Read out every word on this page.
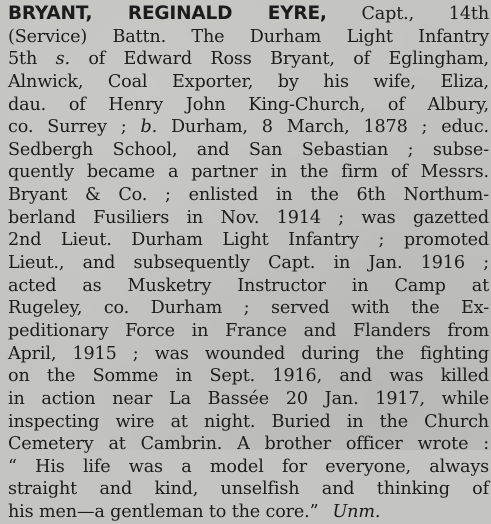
BRYANT, REGINALD EYRE, Capt., 14th
(Service) Battn. The Durham Light Infantry
5th s. of Edward Ross Bryant, of Eglingham,
Alnwick, Coal Exporter, by his wife, Eliza,
dau. of Henry John King-Church, of Albury,
co. Surrey ; b. Durham, 8 March, 1878 ; educ.
Sedbergh School, and San Sebastian ; subse-
quently became a partner in the firm of Messrs.
Bryant & Co. ; enlisted in the 6th Northum-
berland Fusiliers in Nov. 1914 ; was gazetted
2nd Lieut. Durham Light Infantry ; promoted
Lieut., and subsequently Capt. in Jan. 1916 ;
acted as Musketry Instructor in Camp at
Rugeley, co. Durham ; served with the Ex-
peditionary Force in France and Flanders from
April, 1915 ; was wounded during the fighting
on the Somme in Sept. 1916, and was killed
in action near La Bassée 20 Jan. 1917, while
inspecting wire at night. Buried in the Church
Cemetery at Cambrin. A brother officer wrote :
“ His life was a model for everyone, always
straight and kind, unselfish and thinking of
his men—a gentleman to the core.” Unm.
